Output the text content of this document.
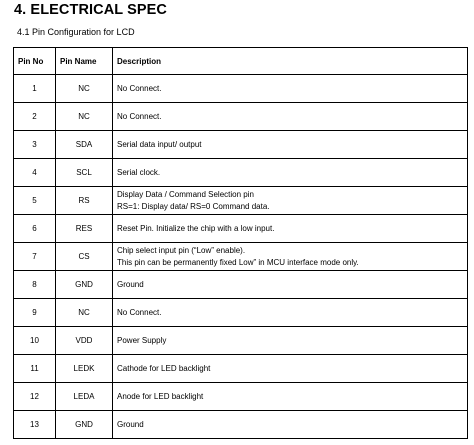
4. ELECTRICAL SPEC

4.1 Pin Configuration for LCD

Pin No	Pin Name	Description
1	NC	No Connect.
2	NC	No Connect.
3	SDA	Serial data input/ output
4	SCL	Serial clock.
5	RS	Display Data / Command Selection pin
RS=1: Display data/ RS=0 Command data.
6	RES	Reset Pin. Initialize the chip with a low input.
7	CS	Chip select input pin (“Low” enable).
This pin can be permanently fixed Low” in MCU interface mode only.
8	GND	Ground
9	NC	No Connect.
10	VDD	Power Supply
11	LEDK	Cathode for LED backlight
12	LEDA	Anode for LED backlight
13	GND	Ground
